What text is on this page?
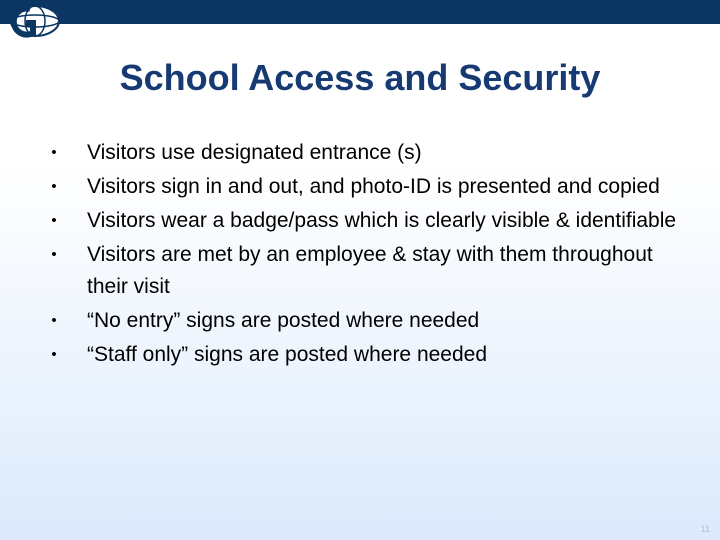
School Access and Security
• Visitors use designated entrance (s)
• Visitors sign in and out, and photo-ID is presented and copied
• Visitors wear a badge/pass which is clearly visible & identifiable
• Visitors are met by an employee & stay with them throughout their visit
• “No entry” signs are posted where needed
• “Staff only” signs are posted where needed
11
